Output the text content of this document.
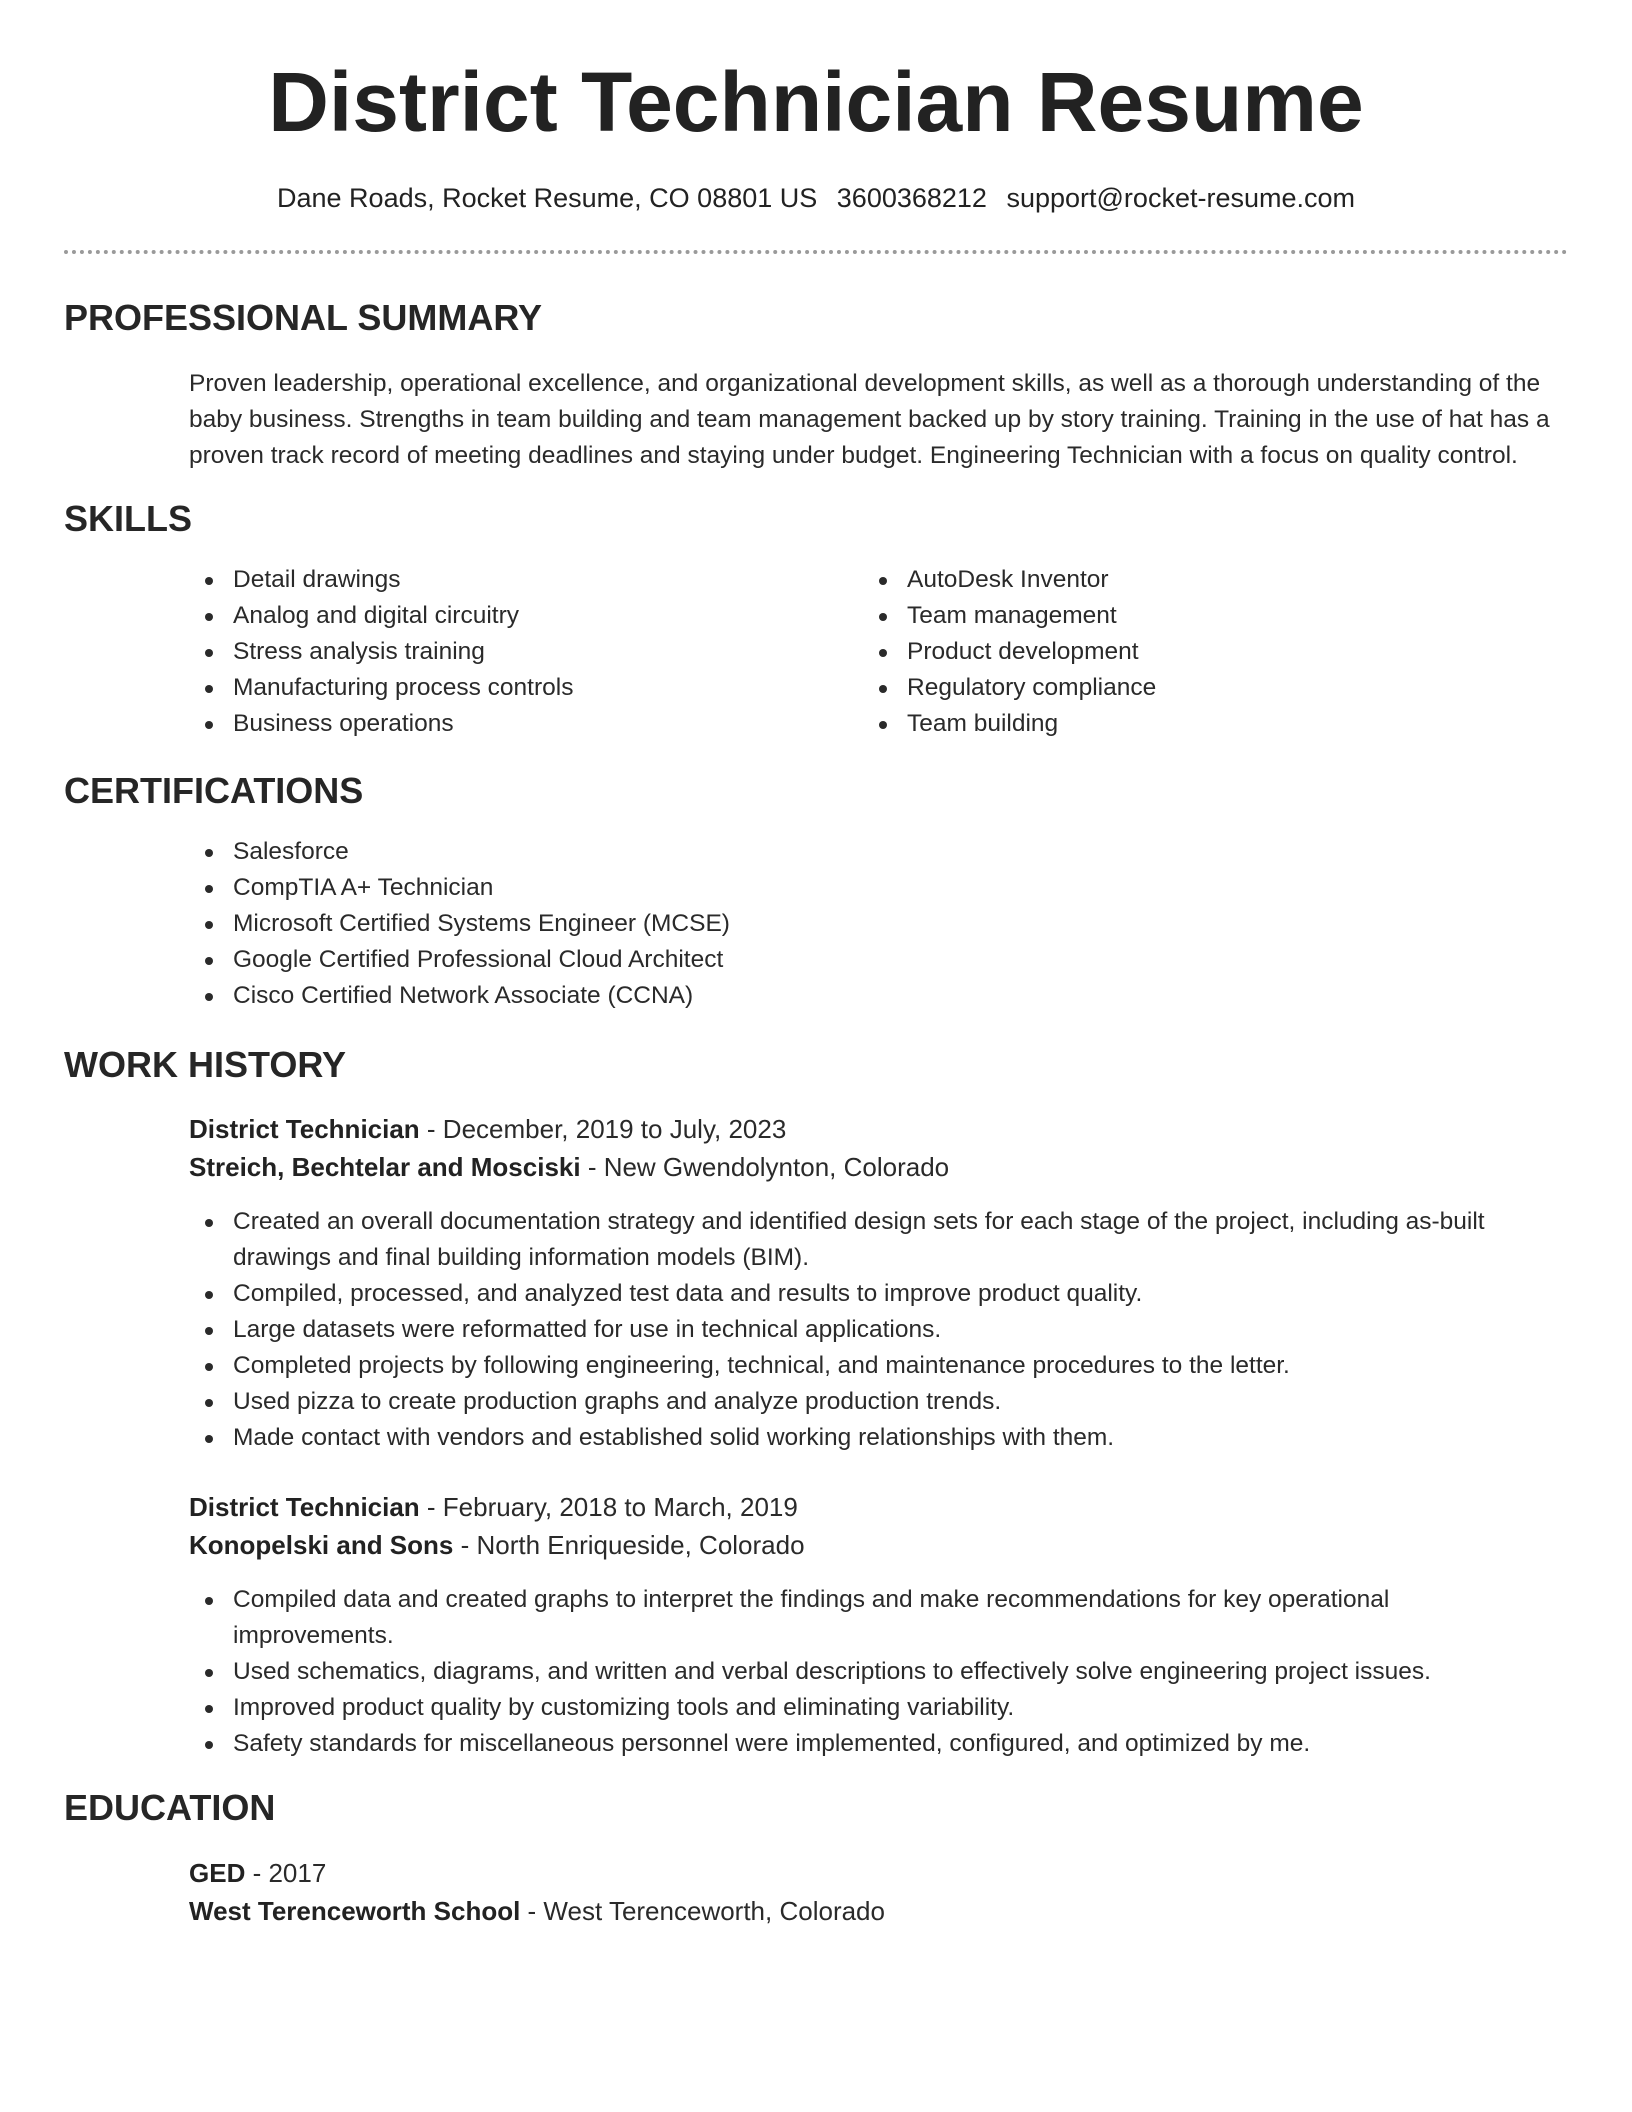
District Technician Resume
Dane Roads, Rocket Resume, CO 08801 US 3600368212 support@rocket-resume.com
PROFESSIONAL SUMMARY
Proven leadership, operational excellence, and organizational development skills, as well as a thorough understanding of the baby business. Strengths in team building and team management backed up by story training. Training in the use of hat has a proven track record of meeting deadlines and staying under budget. Engineering Technician with a focus on quality control.
SKILLS
Detail drawings
Analog and digital circuitry
Stress analysis training
Manufacturing process controls
Business operations
AutoDesk Inventor
Team management
Product development
Regulatory compliance
Team building
CERTIFICATIONS
Salesforce
CompTIA A+ Technician
Microsoft Certified Systems Engineer (MCSE)
Google Certified Professional Cloud Architect
Cisco Certified Network Associate (CCNA)
WORK HISTORY
District Technician - December, 2019 to July, 2023
Streich, Bechtelar and Mosciski - New Gwendolynton, Colorado
Created an overall documentation strategy and identified design sets for each stage of the project, including as-built drawings and final building information models (BIM).
Compiled, processed, and analyzed test data and results to improve product quality.
Large datasets were reformatted for use in technical applications.
Completed projects by following engineering, technical, and maintenance procedures to the letter.
Used pizza to create production graphs and analyze production trends.
Made contact with vendors and established solid working relationships with them.
District Technician - February, 2018 to March, 2019
Konopelski and Sons - North Enriqueside, Colorado
Compiled data and created graphs to interpret the findings and make recommendations for key operational improvements.
Used schematics, diagrams, and written and verbal descriptions to effectively solve engineering project issues.
Improved product quality by customizing tools and eliminating variability.
Safety standards for miscellaneous personnel were implemented, configured, and optimized by me.
EDUCATION
GED - 2017
West Terenceworth School - West Terenceworth, Colorado
